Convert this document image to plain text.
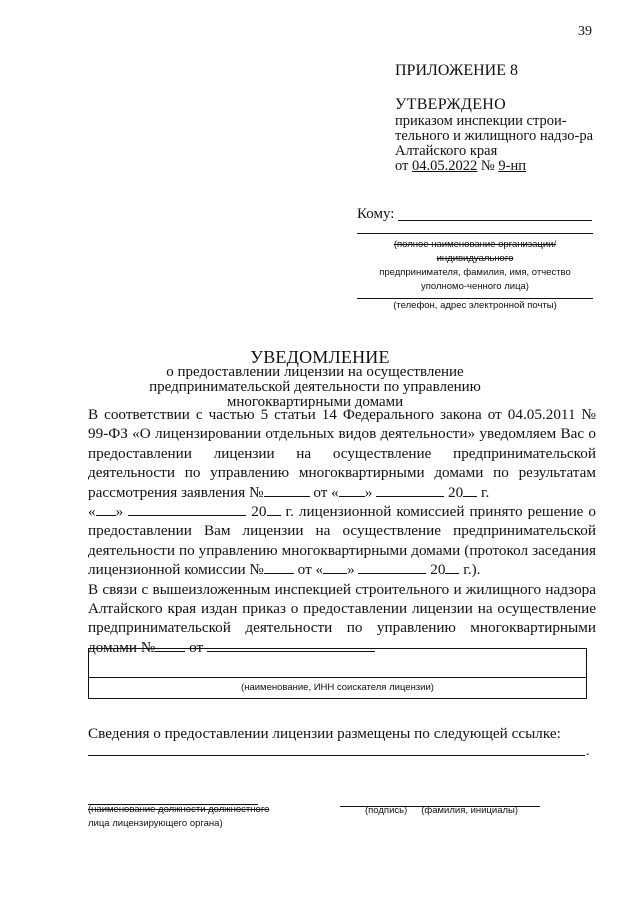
39
ПРИЛОЖЕНИЕ 8
УТВЕРЖДЕНО
приказом инспекции строи-тельного и жилищного надзо-ра Алтайского края
от 04.05.2022 № 9-нп
Кому:
(полное наименование организации/индивидуального
предпринимателя, фамилия, имя, отчество уполномо-ченного лица)
(телефон, адрес электронной почты)
УВЕДОМЛЕНИЕ
о предоставлении лицензии на осуществление предпринимательской деятельности по управлению многоквартирными домами

В соответствии с частью 5 статьи 14 Федерального закона от 04.05.2011 № 99-ФЗ «О лицензировании отдельных видов деятельности» уведомляем Вас о предоставлении лицензии на осуществление предпринимательской деятельности по управлению многоквартирными домами по результатам рассмотрения заявления №	от « »	20 г.
« »	20 г. лицензионной комиссией принято решение о предоставлении Вам лицензии на осуществление предпринимательской деятельности по управлению многоквартирными домами (протокол заседания лицензионной комиссии № от « »	20 г.).

В связи с вышеизложенным инспекцией строительного и жилищного надзора Алтайского края издан приказ о предоставлении лицензии на осуществление предпринимательской деятельности по управлению многоквартирными домами № от

(наименование, ИНН соискателя лицензии)
Сведения о предоставлении лицензии размещены по следующей ссылке:
.
(наименование должности должностного
лица лицензирующего органа)
(подпись) (фамилия, инициалы)
